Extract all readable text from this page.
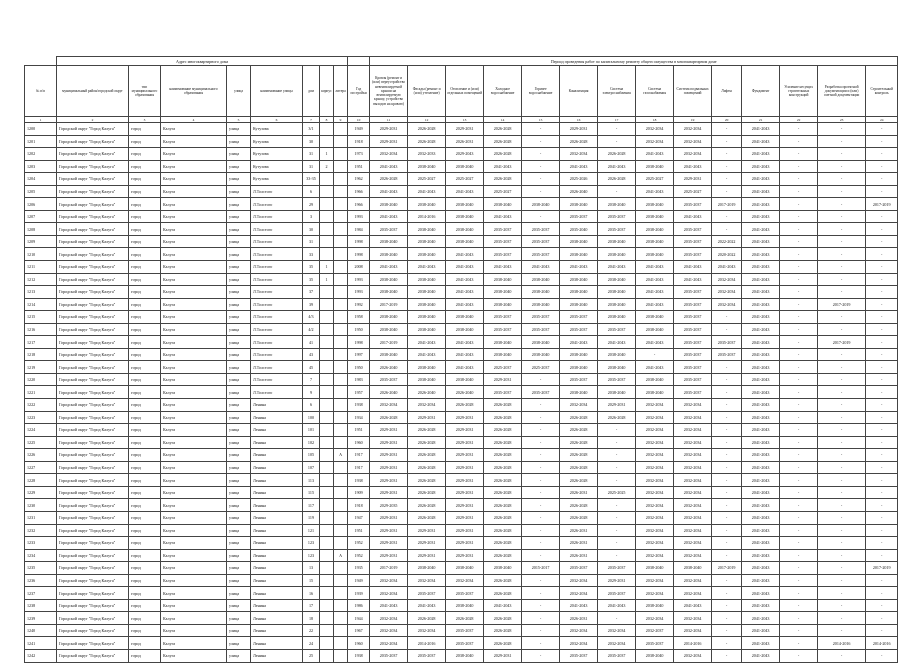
	Адрес многоквартирного дома									Период проведения работ по капитальному ремонту общего имущества в многоквартирном доме													
№ п/п	муниципальный район/городской округ	тип муниципального образования	наименование муниципального образования	улица	наименование улицы	дом	корпус	литера	Год постройки	Кровля (ремонт и (или) переустройство невентилируемой крыши на вентилируемую крышу, устройство выходов на кровлю)	Фасады (ремонт и (или) утепление)	Отопление и (или) отдельных помещений	Холодное водоснабжение	Горячее водоснабжение	Канализация	Система электроснабжения	Система газоснабжения	Система подвальных помещений	Лифты	Фундамент	Усиление несущих строительных конструкций	Разработка проектной документации и (или) сметной документации	Строительный контроль
1	2	3	4	5	6	7	8	9	10	11	12	13	14	15	16	17	18	19	20	21	22	23	24
1200	Городской округ "Город Калуга"	город	Калуга	улица	Кутузова	3/1			1949	2029-2031	2026-2028	2029-2031	2026-2028	-	2029-2031	-	2032-2034	2032-2034	-	2041-2043	-	-	-
1201	Городской округ "Город Калуга"	город	Калуга	улица	Кутузова	30			1918	2029-2031	2026-2028	2026-2031	2026-2028	-	2026-2028	-	2032-2034	2032-2034	-	2041-2043	-	-	-
1202	Городской округ "Город Калуга"	город	Калуга	улица	Кутузова	31	1		1973	2032-2034	2032-2033	2029-2043	2026-2028	-	2032-2034	2026-2028	2041-2043	2032-2034	-	2041-2043	-	-	-
1203	Городской округ "Город Калуга"	город	Калуга	улица	Кутузова	31	2		1951	2041-2043	2038-2040	2038-2040	2041-2043	-	2041-2043	2041-2043	2038-2040	2041-2043	-	2041-2043	-	-	-
1204	Городской округ "Город Калуга"	город	Калуга	улица	Кутузова	33-35			1962	2026-2028	2025-2027	2025-2027	2026-2028	-	2025-2026	2026-2028	2025-2027	2029-2031	-	2041-2043	-	-	-
1205	Городской округ "Город Калуга"	город	Калуга	улица	Л.Толстого	6			1966	2041-2043	2041-2043	2041-2043	2025-2027	-	2026-2040	-	2041-2043	2025-2027	-	2041-2043	-	-	-
1206	Городской округ "Город Калуга"	город	Калуга	улица	Л.Толстого	29			1966	2038-2040	2038-2040	2038-2040	2038-2040	2038-2040	2038-2040	2038-2040	2038-2040	2035-2037	2017-2019	2041-2043	-	-	2017-2019
1207	Городской округ "Город Калуга"	город	Калуга	улица	Л.Толстого	3			1993	2041-2043	2014-2016	2038-2040	2041-2043	-	2035-2037	2035-2037	2038-2040	2041-2043	-	2041-2043	-	-	-
1208	Городской округ "Город Калуга"	город	Калуга	улица	Л.Толстого	30			1984	2035-2037	2038-2040	2038-2040	2035-2037	2035-2037	2035-2040	2035-2037	2038-2040	2035-2037	-	2041-2043	-	-	-
1209	Городской округ "Город Калуга"	город	Калуга	улица	Л.Толстого	31			1998	2038-2040	2038-2040	2038-2040	2035-2037	2035-2037	2038-2040	2038-2040	2038-2040	2035-2037	2022-2022	2041-2043	-	-	-
1210	Городской округ "Город Калуга"	город	Калуга	улица	Л.Толстого	33			1998	2038-2040	2038-2040	2041-2043	2035-2037	2035-2037	2038-2040	2038-2040	2038-2040	2035-2037	2020-2022	2041-2043	-	-	-
1211	Городской округ "Город Калуга"	город	Калуга	улица	Л.Толстого	35	1		2008	2041-2043	2041-2043	2041-2043	2041-2043	2041-2043	2041-2043	2041-2043	2041-2043	2041-2043	2041-2043	2041-2043	-	-	-
1212	Городской округ "Город Калуга"	город	Калуга	улица	Л.Толстого	35	1		1993	2038-2040	2038-2040	2041-2043	2038-2040	2038-2040	2038-2040	2038-2040	2041-2043	2041-2043	2032-2034	2041-2043	-	-	-
1213	Городской округ "Город Калуга"	город	Калуга	улица	Л.Толстого	37			1993	2038-2040	2038-2040	2041-2043	2038-2040	2038-2040	2038-2040	2038-2040	2041-2043	2035-2037	2032-2034	2041-2043	-	-	-
1214	Городской округ "Город Калуга"	город	Калуга	улица	Л.Толстого	39			1992	2017-2019	2038-2040	2041-2043	2038-2040	2038-2040	2038-2040	2038-2040	2041-2043	2035-2037	2032-2034	2041-2043	-	2017-2019	-
1215	Городской округ "Город Калуга"	город	Калуга	улица	Л.Толстого	4/3			1958	2038-2040	2038-2040	2038-2040	2035-2037	2035-2037	2035-2037	2038-2040	2038-2040	2035-2037	-	2041-2043	-	-	-
1216	Городской округ "Город Калуга"	город	Калуга	улица	Л.Толстого	4/2			1950	2038-2040	2038-2040	2038-2040	2035-2037	2035-2037	2035-2037	2035-2037	2038-2040	2035-2037	-	2041-2043	-	-	-
1217	Городской округ "Город Калуга"	город	Калуга	улица	Л.Толстого	41			1998	2017-2019	2041-2043	2041-2043	2038-2040	2038-2040	2041-2043	2041-2043	2041-2043	2035-2037	2035-2037	2041-2043	-	2017-2019	-
1218	Городской округ "Город Калуга"	город	Калуга	улица	Л.Толстого	43			1997	2038-2040	2041-2043	2041-2043	2038-2040	2038-2040	2038-2040	2038-2040	-	2035-2037	2035-2037	2041-2043	-	-	-
1219	Городской округ "Город Калуга"	город	Калуга	улица	Л.Толстого	45			1950	2026-2040	2038-2040	2041-2043	2025-2037	2025-2037	2038-2040	2038-2040	2041-2043	2035-2037	-	2041-2043	-	-	-
1220	Городской округ "Город Калуга"	город	Калуга	улица	Л.Толстого	7			1983	2035-2037	2038-2040	2038-2040	2029-2031	-	2035-2037	2035-2037	2038-2040	2035-2037	-	2041-2043	-	-	-
1221	Городской округ "Город Калуга"	город	Калуга	улица	Л.Толстого	9			1957	2026-2040	2026-2040	2026-2040	2035-2037	2035-2037	2038-2040	2038-2040	2038-2040	2035-2037	-	2041-2043	-	-	-
1222	Городской округ "Город Калуга"	город	Калуга	улица	Ленина	6			1938	2032-2034	2032-2034	2026-2028	2026-2028	-	2032-2034	2029-2031	2032-2034	2032-2034	-	2041-2043	-	-	-
1223	Городской округ "Город Калуга"	город	Калуга	улица	Ленина	100			1934	2026-2028	2029-2031	2029-2031	2026-2028	-	2026-2028	2026-2028	2032-2034	2032-2034	-	2041-2043	-	-	-
1224	Городской округ "Город Калуга"	город	Калуга	улица	Ленина	101			1951	2029-2031	2026-2028	2029-2031	2026-2028	-	2026-2028	-	2032-2034	2032-2034	-	2041-2043	-	-	-
1225	Городской округ "Город Калуга"	город	Калуга	улица	Ленина	102			1960	2029-2031	2026-2028	2029-2031	2026-2028	-	2026-2028	-	2032-2034	2032-2034	-	2041-2043	-	-	-
1226	Городской округ "Город Калуга"	город	Калуга	улица	Ленина	105		А	1917	2029-2031	2026-2028	2029-2031	2026-2028	-	2026-2028	-	2032-2034	2032-2034	-	2041-2043	-	-	-
1227	Городской округ "Город Калуга"	город	Калуга	улица	Ленина	107			1917	2029-2031	2026-2028	2029-2031	2026-2028	-	2026-2028	-	2032-2034	2032-2034	-	2041-2043	-	-	-
1228	Городской округ "Город Калуга"	город	Калуга	улица	Ленина	113			1938	2029-2031	2026-2028	2029-2031	2026-2028	-	2026-2028	-	2032-2034	2032-2034	-	2041-2043	-	-	-
1229	Городской округ "Город Калуга"	город	Калуга	улица	Ленина	115			1909	2029-2031	2026-2028	2029-2031	2026-2028	-	2026-2031	2025-2025	2032-2034	2032-2034	-	2041-2043	-	-	-
1230	Городской округ "Город Калуга"	город	Калуга	улица	Ленина	117			1918	2029-2035	2026-2028	2029-2031	2026-2028	-	2026-2028	-	2032-2034	2032-2034	-	2041-2043	-	-	-
1231	Городской округ "Город Калуга"	город	Калуга	улица	Ленина	119			1947	2029-2031	2026-2028	2029-2031	2026-2028	-	2026-2028	-	2032-2034	2032-2034	-	2041-2043	-	-	-
1232	Городской округ "Город Калуга"	город	Калуга	улица	Ленина	121			1951	2029-2031	2029-2031	2029-2031	2026-2028	-	2026-2031	-	2032-2034	2032-2034	-	2041-2043	-	-	-
1233	Городской округ "Город Калуга"	город	Калуга	улица	Ленина	123			1952	2029-2031	2029-2031	2029-2031	2026-2028	-	2026-2031	-	2032-2034	2032-2034	-	2041-2043	-	-	-
1234	Городской округ "Город Калуга"	город	Калуга	улица	Ленина	123		А	1952	2029-2031	2029-2031	2029-2031	2026-2028	-	2026-2031	-	2032-2034	2032-2034	-	2041-2043	-	-	-
1235	Городской округ "Город Калуга"	город	Калуга	улица	Ленина	13			1935	2017-2019	2038-2040	2038-2040	2038-2040	2015-2017	2035-2037	2035-2037	2038-2040	2038-2040	2017-2019	2041-2043	-	-	2017-2019
1236	Городской округ "Город Калуга"	город	Калуга	улица	Ленина	15			1949	2032-2034	2032-2034	2032-2034	2026-2028	-	2032-2034	2029-2031	2032-2034	2032-2034	-	2041-2043	-	-	-
1237	Городской округ "Город Калуга"	город	Калуга	улица	Ленина	16			1939	2032-2034	2035-2037	2035-2037	2026-2028	-	2032-2034	2035-2037	2032-2034	2032-2034	-	2041-2043	-	-	-
1238	Городской округ "Город Калуга"	город	Калуга	улица	Ленина	17			1986	2041-2043	2041-2043	2038-2040	2041-2043	-	2041-2043	2041-2043	2038-2040	2041-2043	-	2041-2043	-	-	-
1239	Городской округ "Город Калуга"	город	Калуга	улица	Ленина	18			1944	2032-2034	2026-2028	2026-2028	2026-2028	-	2026-2031	-	2032-2034	2032-2034	-	2041-2043	-	-	-
1240	Городской округ "Город Калуга"	город	Калуга	улица	Ленина	22			1967	2032-2034	2032-2034	2035-2037	2026-2028	-	2032-2034	2032-2034	2032-2037	2032-2034	-	2041-2043	-	-	-
1241	Городской округ "Город Калуга"	город	Калуга	улица	Ленина	24			1960	2032-2034	2014-2016	2035-2037	2026-2028	-	2032-2034	2032-2034	2035-2037	2014-2016	-	2041-2043	-	2014-2016	2014-2016
1242	Городской округ "Город Калуга"	город	Калуга	улица	Ленина	25			1938	2035-2037	2035-2037	2038-2040	2029-2031	-	2035-2037	2035-2037	2038-2040	2032-2034	-	2041-2043	-	-	-
